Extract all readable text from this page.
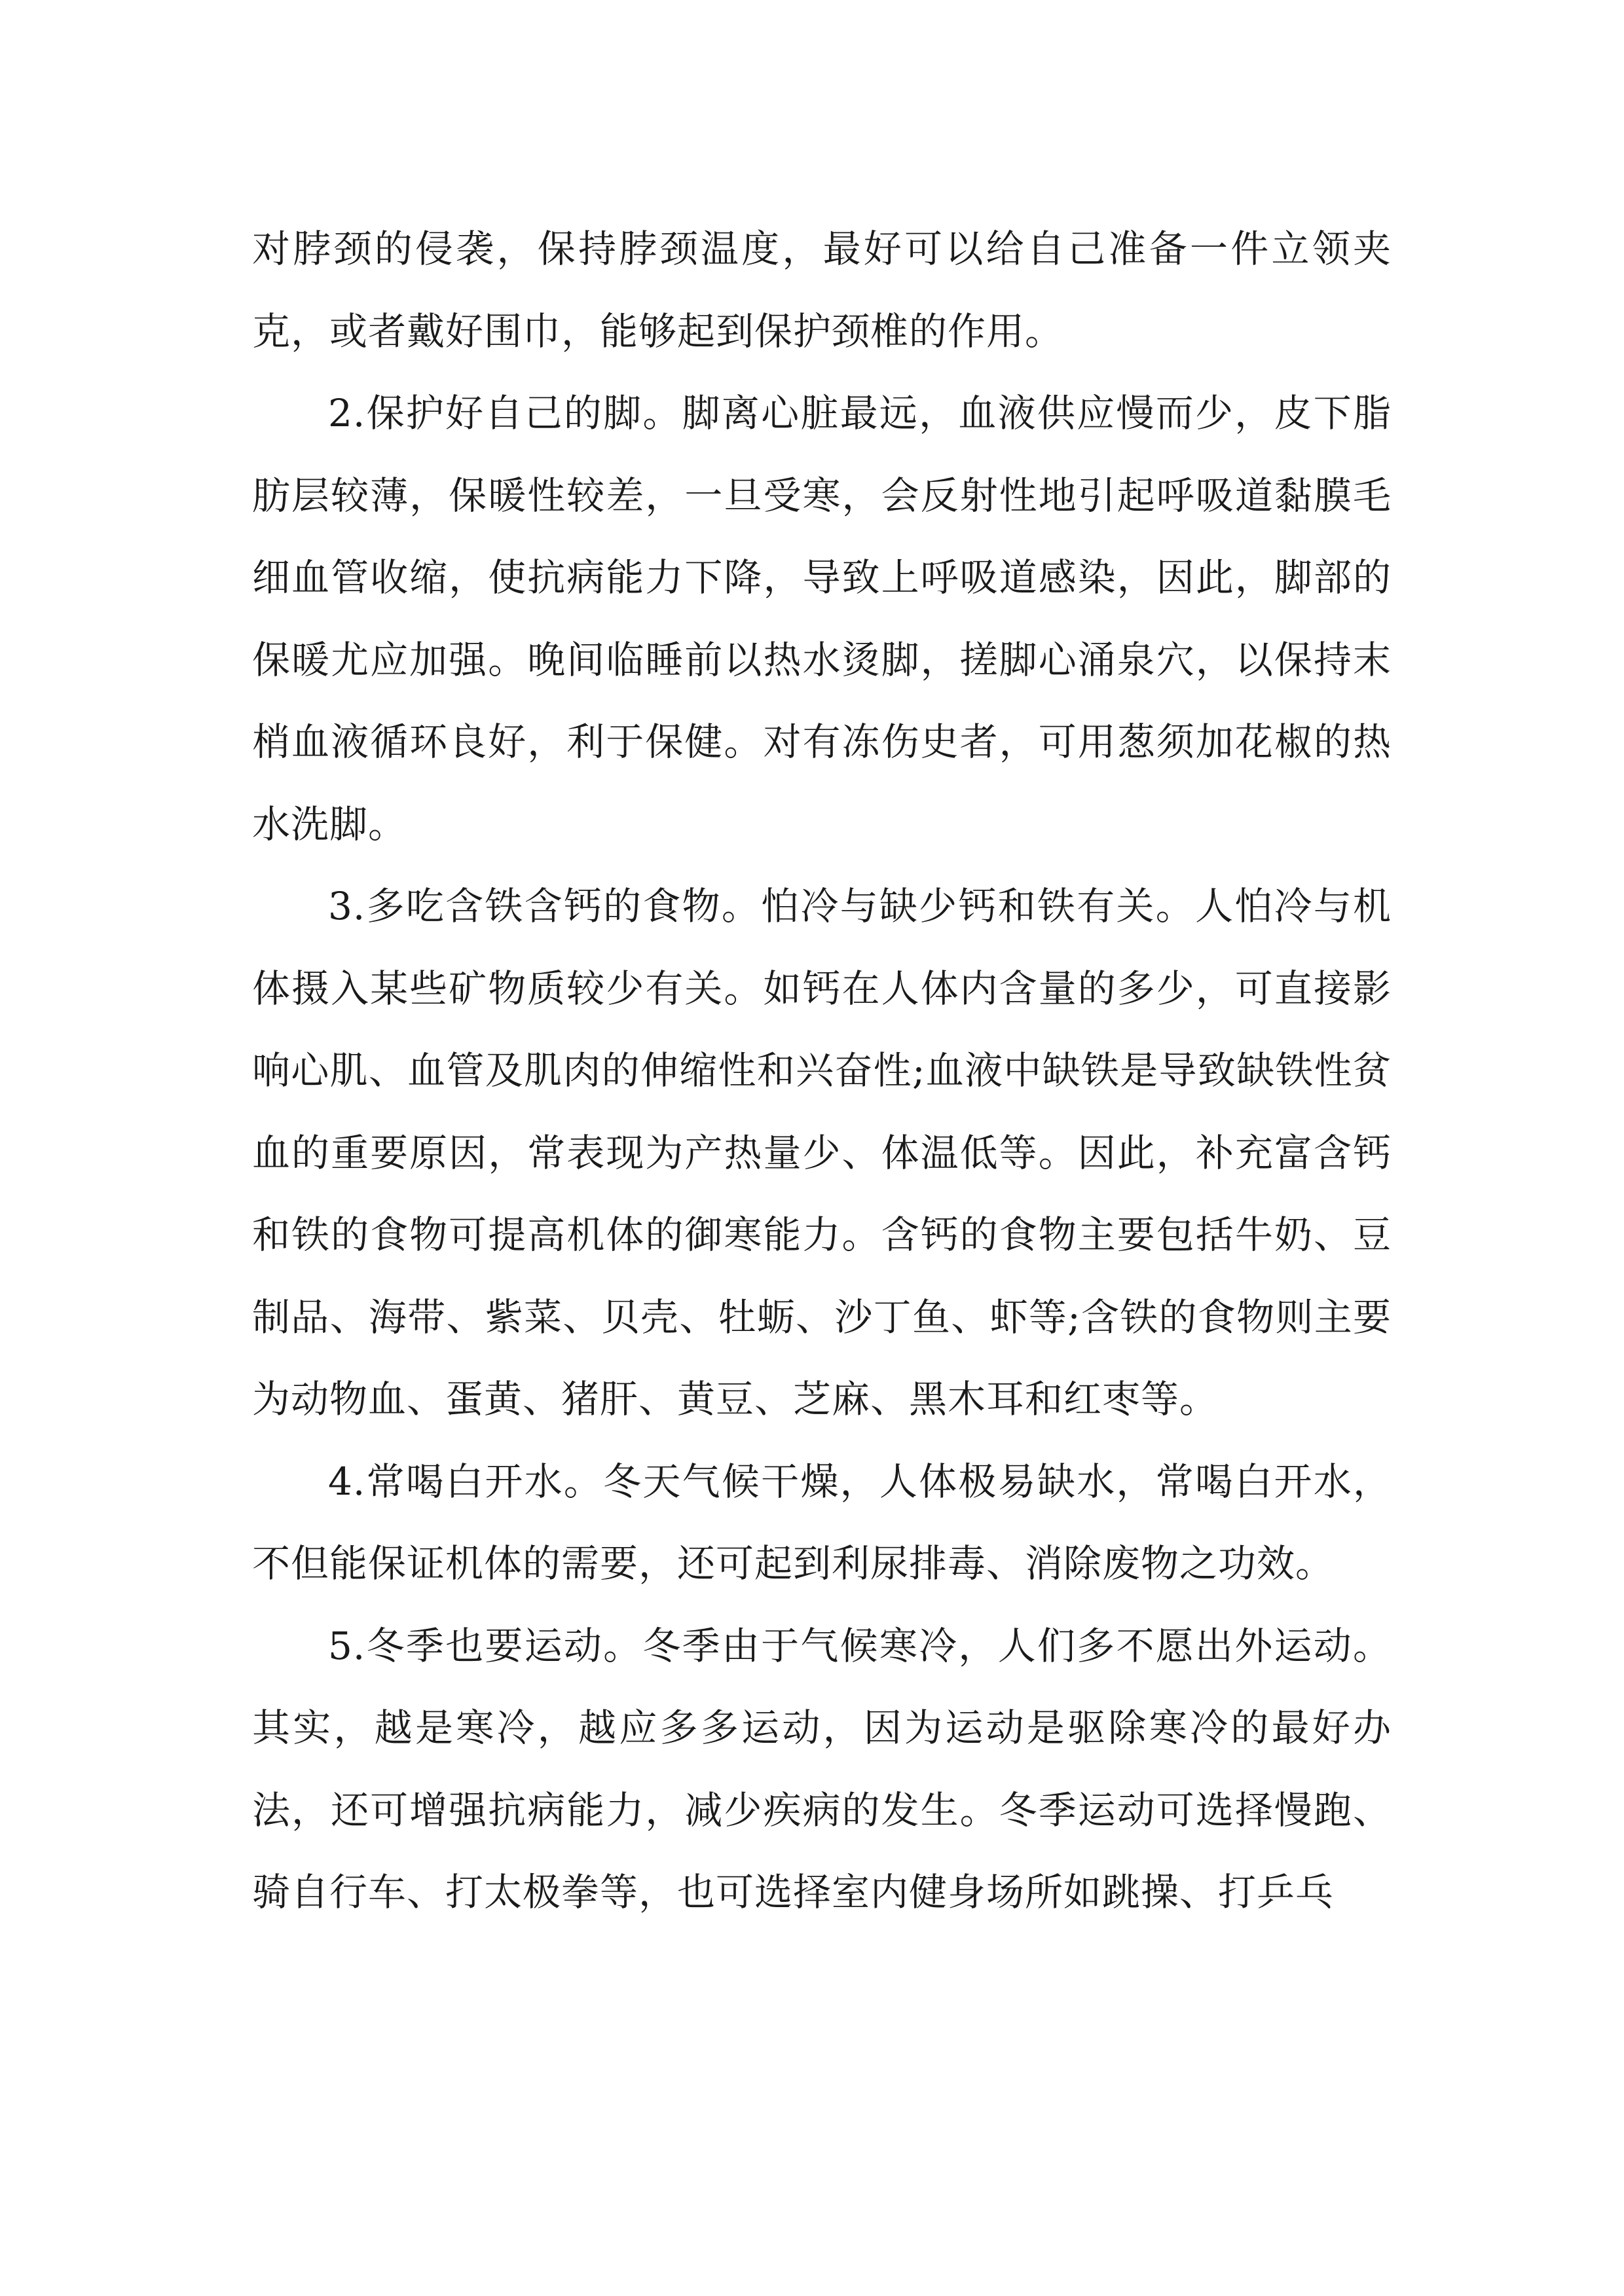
对脖颈的侵袭，保持脖颈温度，最好可以给自己准备一件立领夹克，或者戴好围巾，能够起到保护颈椎的作用。

2.保护好自己的脚。脚离心脏最远，血液供应慢而少，皮下脂肪层较薄，保暖性较差，一旦受寒，会反射性地引起呼吸道黏膜毛细血管收缩，使抗病能力下降，导致上呼吸道感染，因此，脚部的保暖尤应加强。晚间临睡前以热水烫脚，搓脚心涌泉穴，以保持末梢血液循环良好，利于保健。对有冻伤史者，可用葱须加花椒的热水洗脚。

3.多吃含铁含钙的食物。怕冷与缺少钙和铁有关。人怕冷与机体摄入某些矿物质较少有关。如钙在人体内含量的多少，可直接影响心肌、血管及肌肉的伸缩性和兴奋性;血液中缺铁是导致缺铁性贫血的重要原因，常表现为产热量少、体温低等。因此，补充富含钙和铁的食物可提高机体的御寒能力。含钙的食物主要包括牛奶、豆制品、海带、紫菜、贝壳、牡蛎、沙丁鱼、虾等;含铁的食物则主要为动物血、蛋黄、猪肝、黄豆、芝麻、黑木耳和红枣等。

4.常喝白开水。冬天气候干燥，人体极易缺水，常喝白开水，不但能保证机体的需要，还可起到利尿排毒、消除废物之功效。

5.冬季也要运动。冬季由于气候寒冷，人们多不愿出外运动。其实，越是寒冷，越应多多运动，因为运动是驱除寒冷的最好办法，还可增强抗病能力，减少疾病的发生。冬季运动可选择慢跑、骑自行车、打太极拳等，也可选择室内健身场所如跳操、打乒乓
